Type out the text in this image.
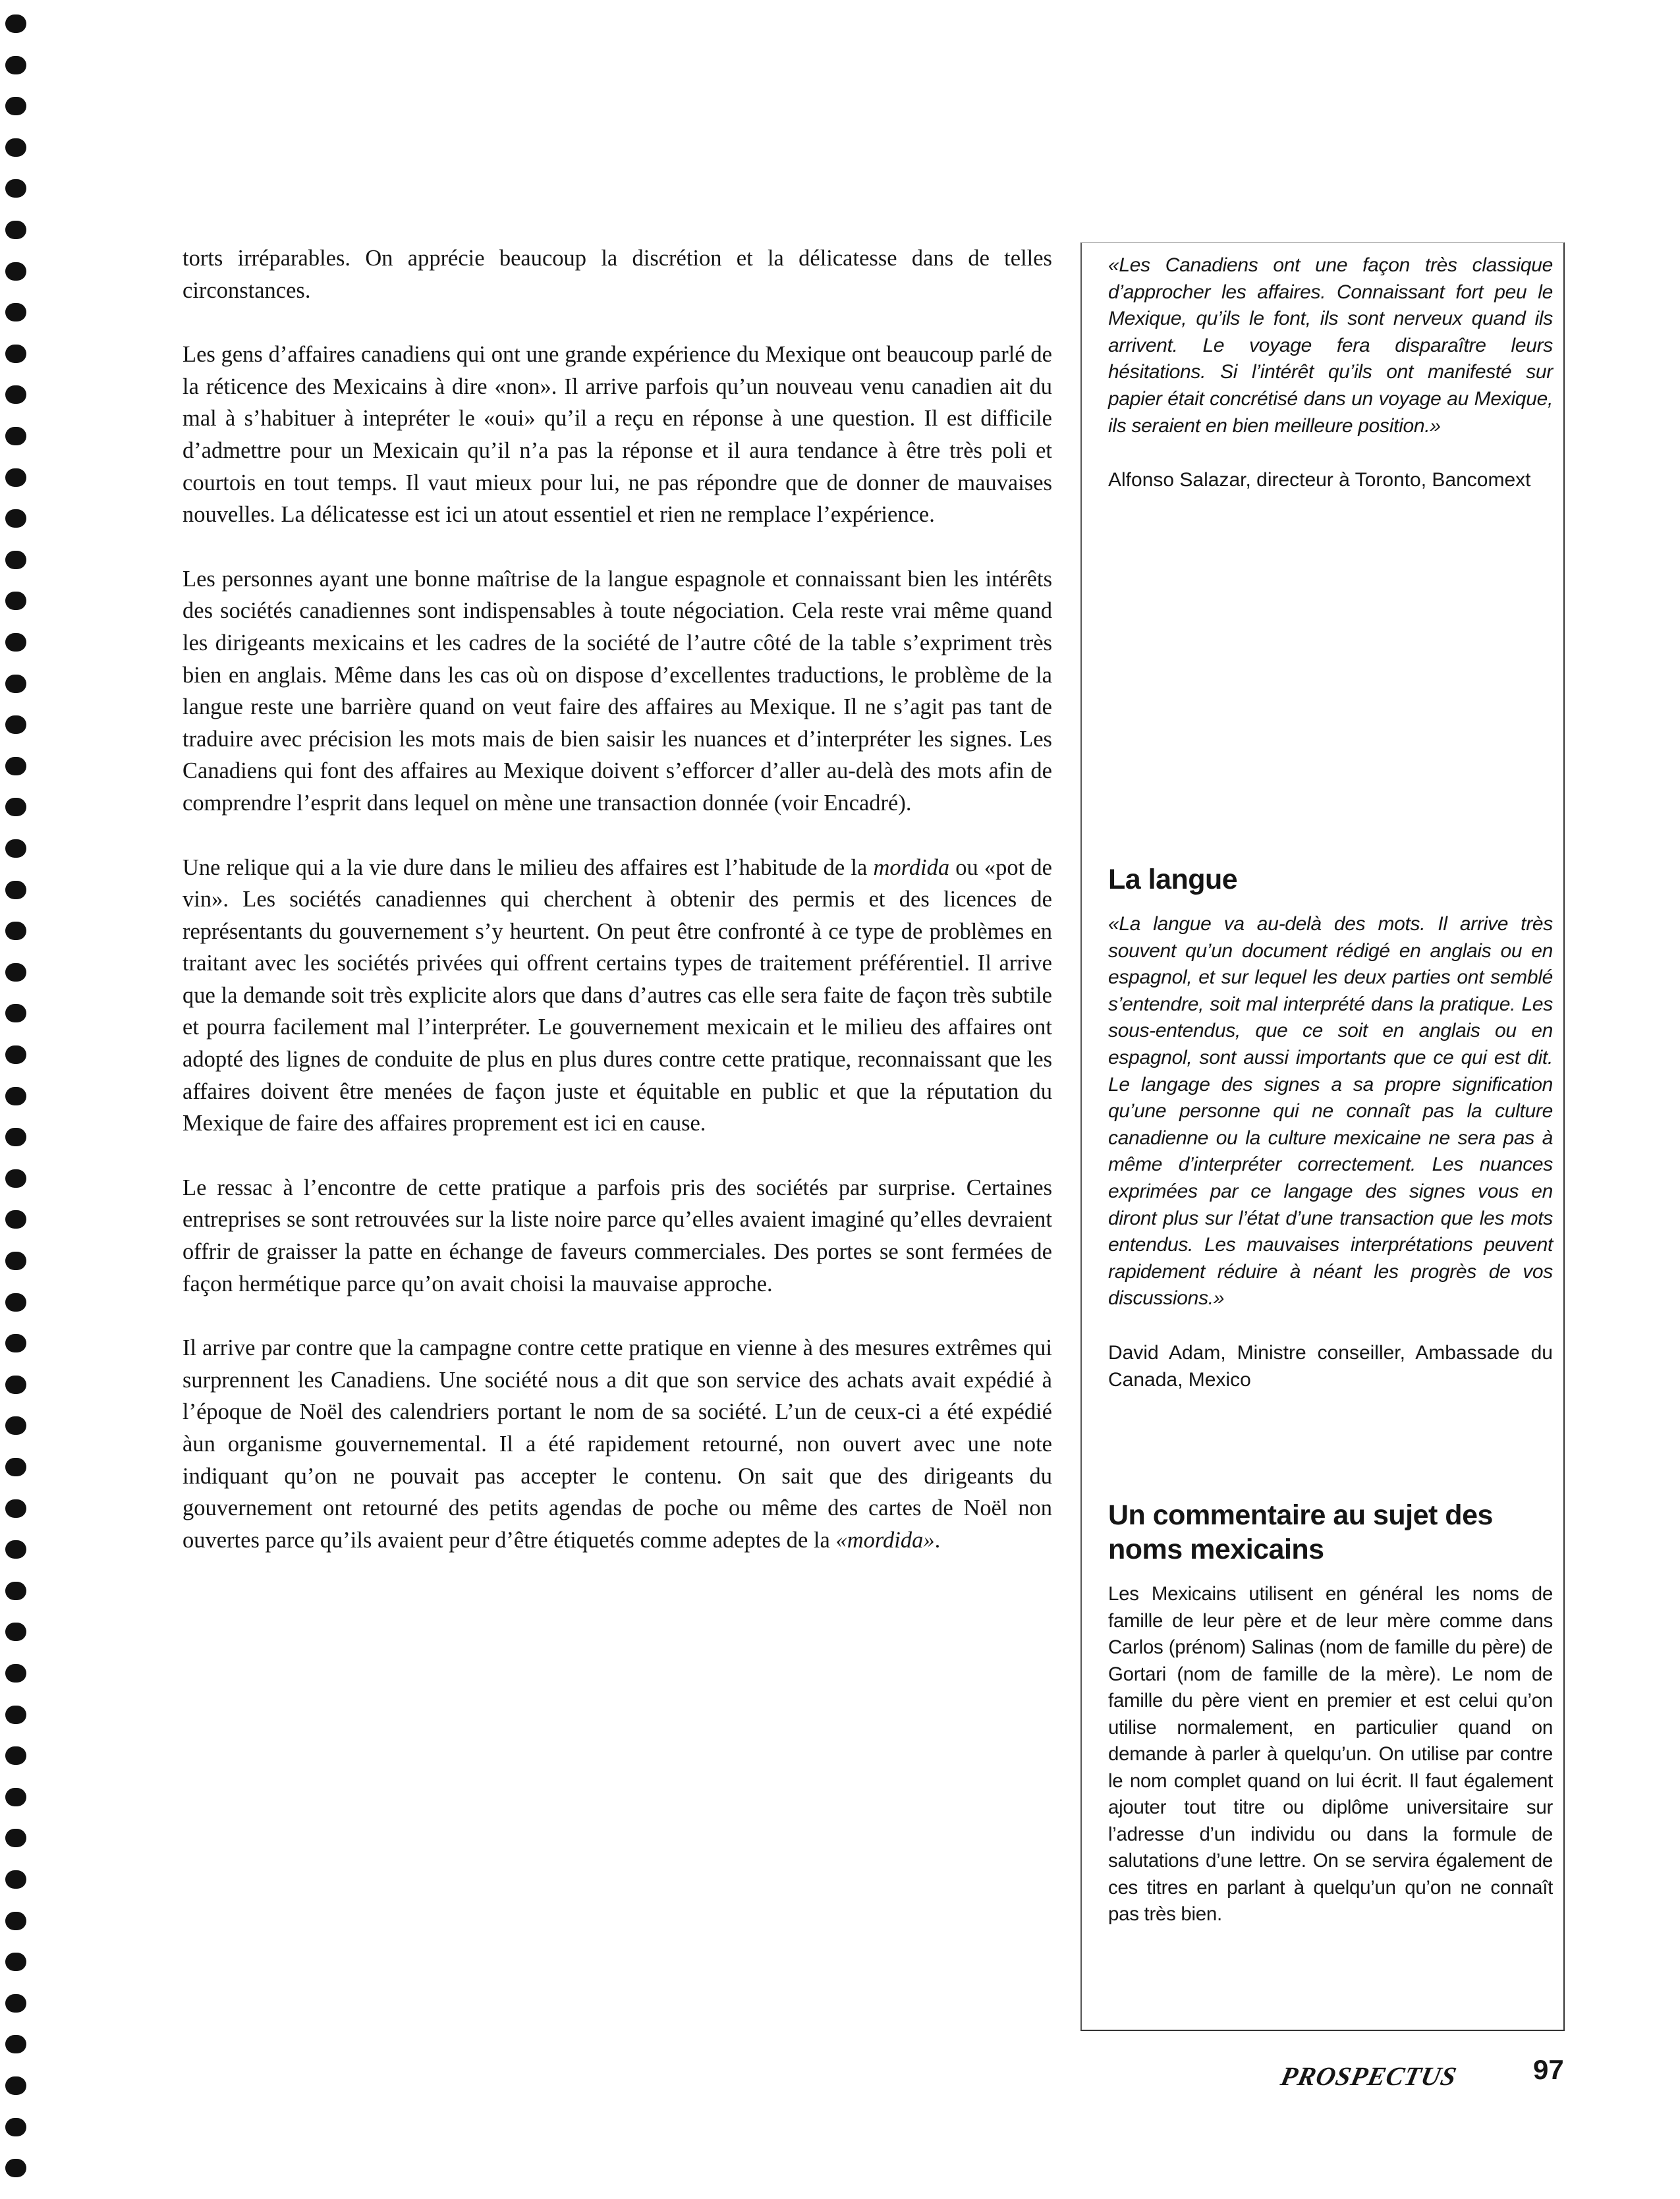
torts irréparables. On apprécie beaucoup la discrétion et la délicatesse dans de telles circonstances.

Les gens d’affaires canadiens qui ont une grande expérience du Mexique ont beaucoup parlé de la réticence des Mexicains à dire «non». Il arrive parfois qu’un nouveau venu canadien ait du mal à s’habituer à intepréter le «oui» qu’il a reçu en réponse à une question. Il est difficile d’admettre pour un Mexicain qu’il n’a pas la réponse et il aura tendance à être très poli et courtois en tout temps. Il vaut mieux pour lui, ne pas répondre que de donner de mauvaises nouvelles. La délicatesse est ici un atout essentiel et rien ne remplace l’expérience.

Les personnes ayant une bonne maîtrise de la langue espagnole et connaissant bien les intérêts des sociétés canadiennes sont indispensables à toute négociation. Cela reste vrai même quand les dirigeants mexicains et les cadres de la société de l’autre côté de la table s’expriment très bien en anglais. Même dans les cas où on dispose d’excellentes traductions, le problème de la langue reste une barrière quand on veut faire des affaires au Mexique. Il ne s’agit pas tant de traduire avec précision les mots mais de bien saisir les nuances et d’interpréter les signes. Les Canadiens qui font des affaires au Mexique doivent s’efforcer d’aller au-delà des mots afin de comprendre l’esprit dans lequel on mène une transaction donnée (voir Encadré).

Une relique qui a la vie dure dans le milieu des affaires est l’habitude de la mordida ou «pot de vin». Les sociétés canadiennes qui cherchent à obtenir des permis et des licences de représentants du gouvernement s’y heurtent. On peut être confronté à ce type de problèmes en traitant avec les sociétés privées qui offrent certains types de traitement préférentiel. Il arrive que la demande soit très explicite alors que dans d’autres cas elle sera faite de façon très subtile et pourra facilement mal l’interpréter. Le gouvernement mexicain et le milieu des affaires ont adopté des lignes de conduite de plus en plus dures contre cette pratique, reconnaissant que les affaires doivent être menées de façon juste et équitable en public et que la réputation du Mexique de faire des affaires proprement est ici en cause.

Le ressac à l’encontre de cette pratique a parfois pris des sociétés par surprise. Certaines entreprises se sont retrouvées sur la liste noire parce qu’elles avaient imaginé qu’elles devraient offrir de graisser la patte en échange de faveurs commerciales. Des portes se sont fermées de façon hermétique parce qu’on avait choisi la mauvaise approche.

Il arrive par contre que la campagne contre cette pratique en vienne à des mesures extrêmes qui surprennent les Canadiens. Une société nous a dit que son service des achats avait expédié à l’époque de Noël des calendriers portant le nom de sa société. L’un de ceux-ci a été expédié àun organisme gouvernemental. Il a été rapidement retourné, non ouvert avec une note indiquant qu’on ne pouvait pas accepter le contenu. On sait que des dirigeants du gouvernement ont retourné des petits agendas de poche ou même des cartes de Noël non ouvertes parce qu’ils avaient peur d’être étiquetés comme adeptes de la «mordida».

«Les Canadiens ont une façon très classique d’approcher les affaires. Connaissant fort peu le Mexique, qu’ils le font, ils sont nerveux quand ils arrivent. Le voyage fera disparaître leurs hésitations. Si l’intérêt qu’ils ont manifesté sur papier était concrétisé dans un voyage au Mexique, ils seraient en bien meilleure position.»

Alfonso Salazar, directeur à Toronto, Bancomext

La langue

«La langue va au-delà des mots. Il arrive très souvent qu’un document rédigé en anglais ou en espagnol, et sur lequel les deux parties ont semblé s’entendre, soit mal interprété dans la pratique. Les sous-entendus, que ce soit en anglais ou en espagnol, sont aussi importants que ce qui est dit. Le langage des signes a sa propre signification qu’une personne qui ne connaît pas la culture canadienne ou la culture mexicaine ne sera pas à même d’interpréter correctement. Les nuances exprimées par ce langage des signes vous en diront plus sur l’état d’une transaction que les mots entendus. Les mauvaises interprétations peuvent rapidement réduire à néant les progrès de vos discussions.»

David Adam, Ministre conseiller, Ambassade du Canada, Mexico

Un commentaire au sujet des noms mexicains

Les Mexicains utilisent en général les noms de famille de leur père et de leur mère comme dans Carlos (prénom) Salinas (nom de famille du père) de Gortari (nom de famille de la mère). Le nom de famille du père vient en premier et est celui qu’on utilise normalement, en particulier quand on demande à parler à quelqu’un. On utilise par contre le nom complet quand on lui écrit. Il faut également ajouter tout titre ou diplôme universitaire sur l’adresse d’un individu ou dans la formule de salutations d’une lettre. On se servira également de ces titres en parlant à quelqu’un qu’on ne connaît pas très bien.

PROSPECTUS	97
